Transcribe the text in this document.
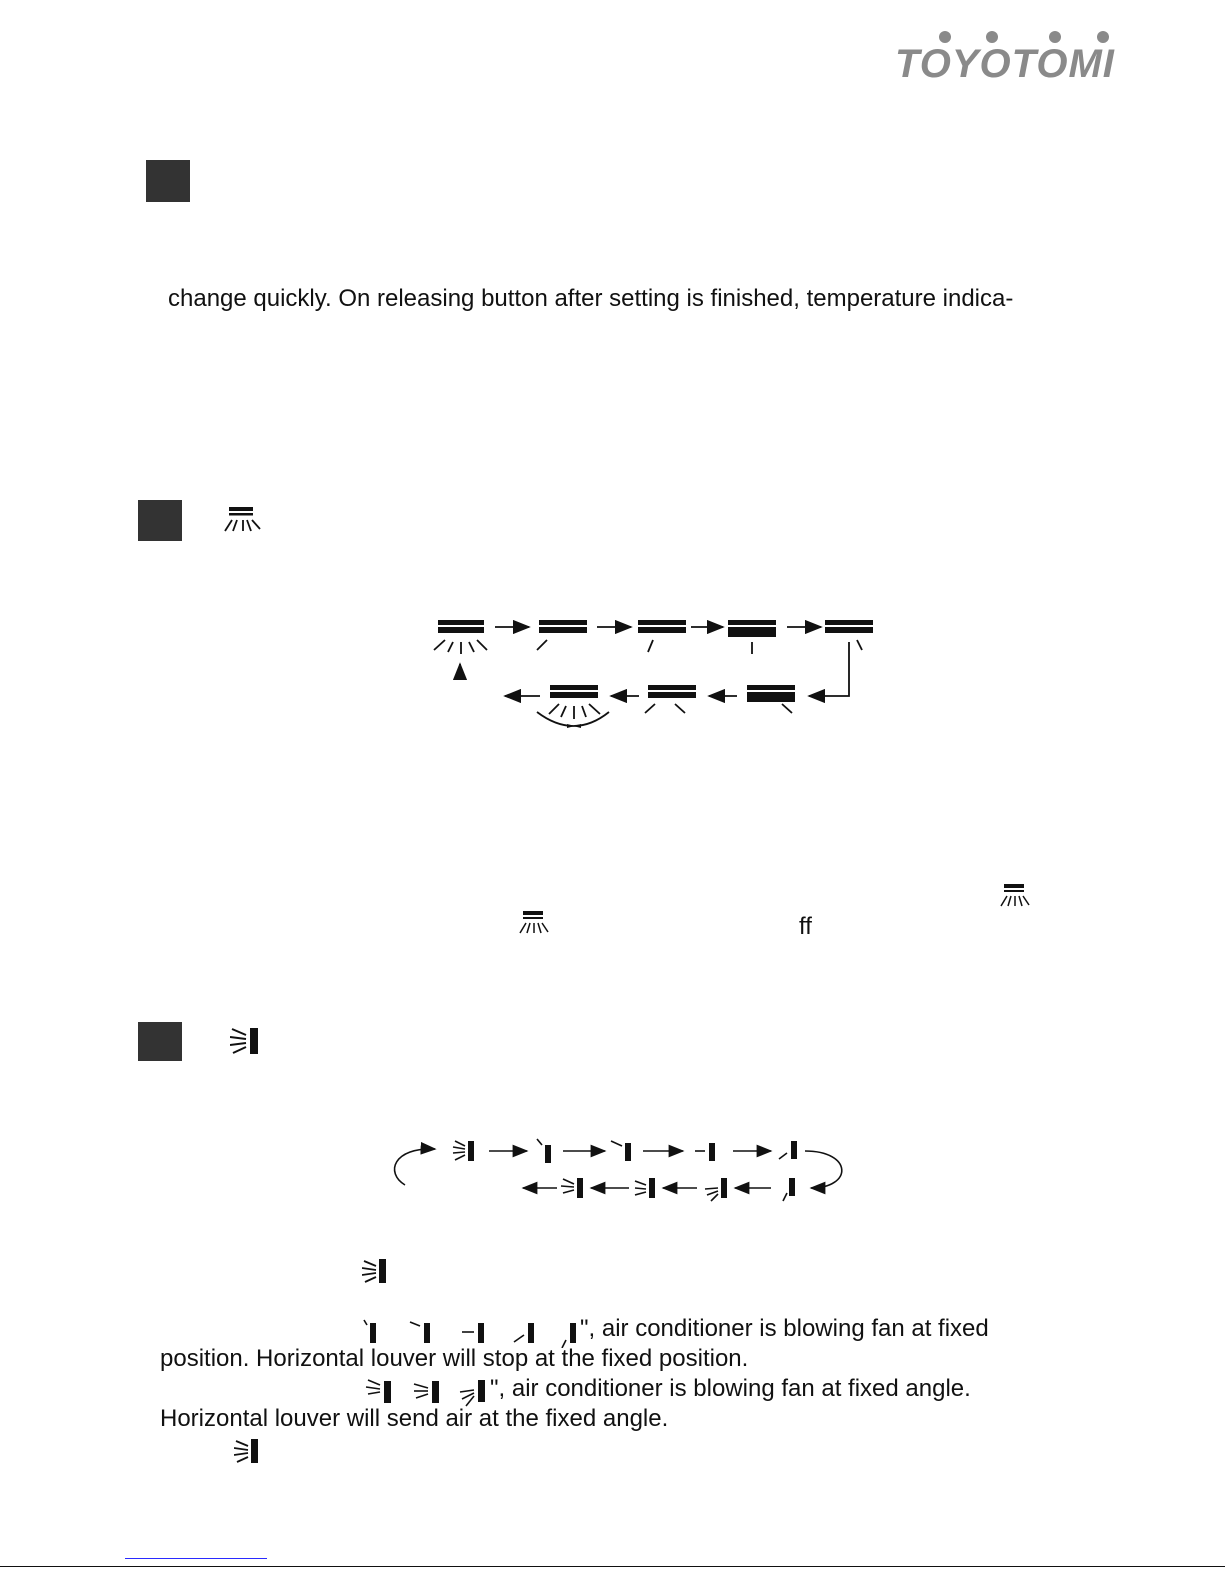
TOYOTOMI
change quickly. On releasing button after setting is finished, temperature indica-
ff
", air conditioner is blowing fan at fixed
position. Horizontal louver will stop at the fixed position.
", air conditioner is blowing fan at fixed angle.
Horizontal louver will send air at the fixed angle.
